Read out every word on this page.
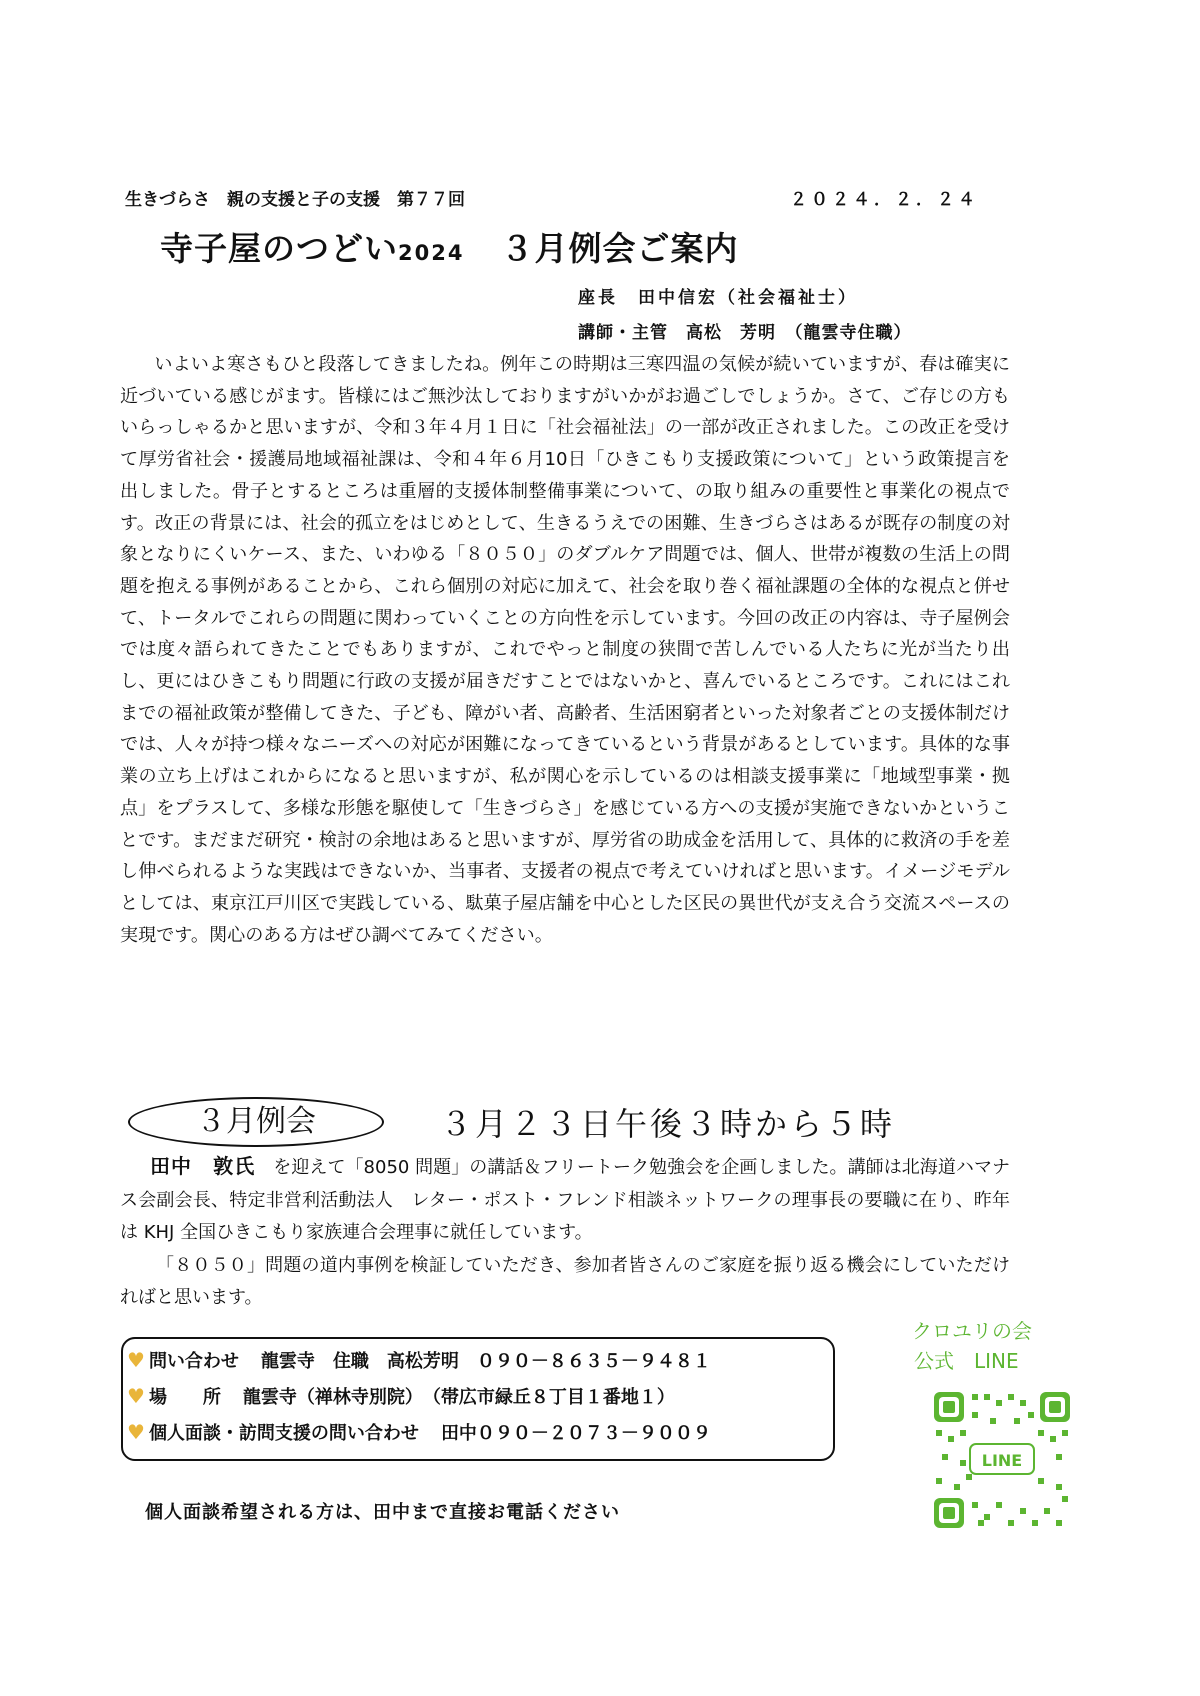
生きづらさ　親の支援と子の支援　第７７回	２０２４．２．２４
寺子屋のつどい2024 ３月例会ご案内
座長　田中信宏（社会福祉士）
講師・主管　高松　芳明　（龍雲寺住職）

いよいよ寒さもひと段落してきましたね。例年この時期は三寒四温の気候が続いていますが、春は確実に近づいている感じがます。皆様にはご無沙汰しておりますがいかがお過ごしでしょうか。さて、ご存じの方もいらっしゃるかと思いますが、令和３年４月１日に「社会福祉法」の一部が改正されました。この改正を受けて厚労省社会・援護局地域福祉課は、令和４年６月10日「ひきこもり支援政策について」という政策提言を出しました。骨子とするところは重層的支援体制整備事業について、の取り組みの重要性と事業化の視点です。改正の背景には、社会的孤立をはじめとして、生きるうえでの困難、生きづらさはあるが既存の制度の対象となりにくいケース、また、いわゆる「８０５０」のダブルケア問題では、個人、世帯が複数の生活上の問題を抱える事例があることから、これら個別の対応に加えて、社会を取り巻く福祉課題の全体的な視点と併せて、トータルでこれらの問題に関わっていくことの方向性を示しています。今回の改正の内容は、寺子屋例会では度々語られてきたことでもありますが、これでやっと制度の狭間で苦しんでいる人たちに光が当たり出し、更にはひきこもり問題に行政の支援が届きだすことではないかと、喜んでいるところです。これにはこれまでの福祉政策が整備してきた、子ども、障がい者、高齢者、生活困窮者といった対象者ごとの支援体制だけでは、人々が持つ様々なニーズへの対応が困難になってきているという背景があるとしています。具体的な事業の立ち上げはこれからになると思いますが、私が関心を示しているのは相談支援事業に「地域型事業・拠点」をプラスして、多様な形態を駆使して「生きづらさ」を感じている方への支援が実施できないかということです。まだまだ研究・検討の余地はあると思いますが、厚労省の助成金を活用して、具体的に救済の手を差し伸べられるような実践はできないか、当事者、支援者の視点で考えていければと思います。イメージモデルとしては、東京江戸川区で実践している、駄菓子屋店舗を中心とした区民の異世代が支え合う交流スペースの実現です。関心のある方はぜひ調べてみてください。

３月例会	３月２３日午後３時から５時

田中　敦氏　を迎えて「8050 問題」の講話＆フリートーク勉強会を企画しました。講師は北海道ハマナス会副会長、特定非営利活動法人　レター・ポスト・フレンド相談ネットワークの理事長の要職に在り、昨年は KHJ 全国ひきこもり家族連合会理事に就任しています。

「８０５０」問題の道内事例を検証していただき、参加者皆さんのご家庭を振り返る機会にしていただければと思います。

♥ 問い合わせ 龍雲寺　住職　高松芳明　０９０－８６３５－９４８１
♥ 場　　所 龍雲寺（禅林寺別院）　（帯広市緑丘８丁目１番地１）
♥ 個人面談・訪問支援の問い合わせ 田中０９０－２０７３－９００９
個人面談希望される方は、田中まで直接お電話ください
クロユリの会
公式　LINE
LINE
